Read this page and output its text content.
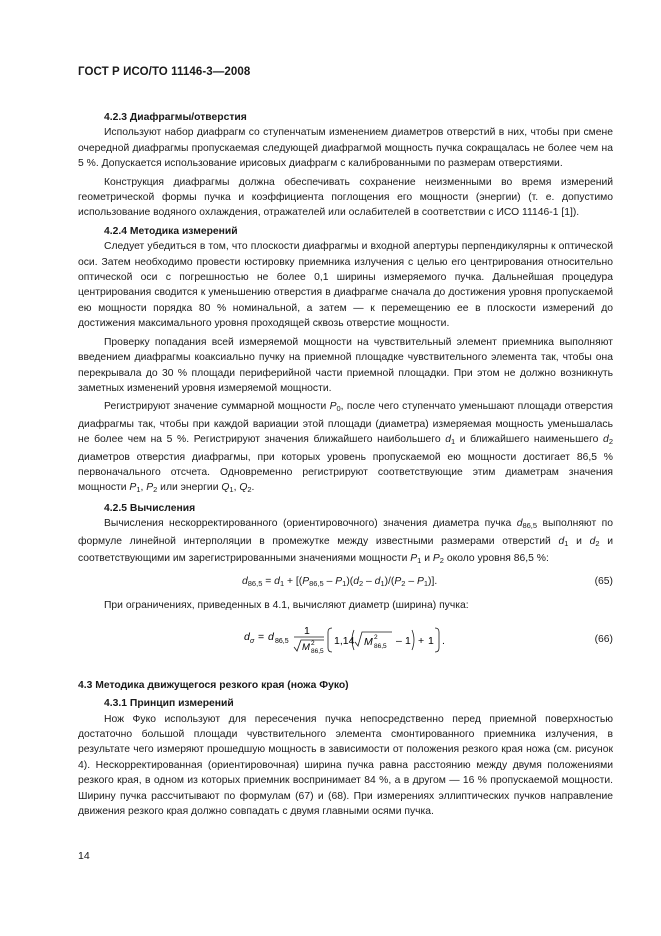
ГОСТ Р ИСО/ТО 11146-3—2008
4.2.3 Диафрагмы/отверстия

Используют набор диафрагм со ступенчатым изменением диаметров отверстий в них, чтобы при смене очередной диафрагмы пропускаемая следующей диафрагмой мощность пучка сокращалась не более чем на 5 %. Допускается использование ирисовых диафрагм с калиброванными по размерам отверстиями.

Конструкция диафрагмы должна обеспечивать сохранение неизменными во время измерений геометрической формы пучка и коэффициента поглощения его мощности (энергии) (т. е. допустимо использование водяного охлаждения, отражателей или ослабителей в соответствии с ИСО 11146-1 [1]).

4.2.4 Методика измерений

Следует убедиться в том, что плоскости диафрагмы и входной апертуры перпендикулярны к оптической оси. Затем необходимо провести юстировку приемника излучения с целью его центрирования относительно оптической оси с погрешностью не более 0,1 ширины измеряемого пучка. Дальнейшая процедура центрирования сводится к уменьшению отверстия в диафрагме сначала до достижения уровня пропускаемой ею мощности порядка 80 % номинальной, а затем — к перемещению ее в плоскости измерений до достижения максимального уровня проходящей сквозь отверстие мощности.

Проверку попадания всей измеряемой мощности на чувствительный элемент приемника выполняют введением диафрагмы коаксиально пучку на приемной площадке чувствительного элемента так, чтобы она перекрывала до 30 % площади периферийной части приемной площадки. При этом не должно возникнуть заметных изменений уровня измеряемой мощности.

Регистрируют значение суммарной мощности $P_0$, после чего ступенчато уменьшают площади отверстия диафрагмы так, чтобы при каждой вариации этой площади (диаметра) измеряемая мощность уменьшалась не более чем на 5 %. Регистрируют значения ближайшего наибольшего $d_1$ и ближайшего наименьшего $d_2$ диаметров отверстия диафрагмы, при которых уровень пропускаемой ею мощности достигает 86,5 % первоначального отсчета. Одновременно регистрируют соответствующие этим диаметрам значения мощности $P_1$, $P_2$ или энергии $Q_1$, $Q_2$.

4.2.5 Вычисления

Вычисления нескорректированного (ориентировочного) значения диаметра пучка $d_{86,5}$ выполняют по формуле линейной интерполяции в промежутке между известными размерами отверстий $d_1$ и $d_2$ и соответствующими им зарегистрированными значениями мощности $P_1$ и $P_2$ около уровня 86,5 %:

d86,5 = d1 + [(P86,5 – P1)(d2 – d1)/(P2 – P1)].	(65)

При ограничениях, приведенных в 4.1, вычисляют диаметр (ширина) пучка:

d σ = d 86,5
1
M 2
86,5
1,14 M 2
86,5 – 1 + 1 .	(66)
4.3 Методика движущегося резкого края (ножа Фуко)
4.3.1 Принцип измерений

Нож Фуко используют для пересечения пучка непосредственно перед приемной поверхностью достаточно большой площади чувствительного элемента смонтированного приемника излучения, в результате чего измеряют прошедшую мощность в зависимости от положения резкого края ножа (см. рисунок 4). Нескорректированная (ориентировочная) ширина пучка равна расстоянию между двумя положениями резкого края, в одном из которых приемник воспринимает 84 %, а в другом — 16 % пропускаемой мощности. Ширину пучка рассчитывают по формулам (67) и (68). При измерениях эллиптических пучков направление движения резкого края должно совпадать с двумя главными осями пучка.

14
